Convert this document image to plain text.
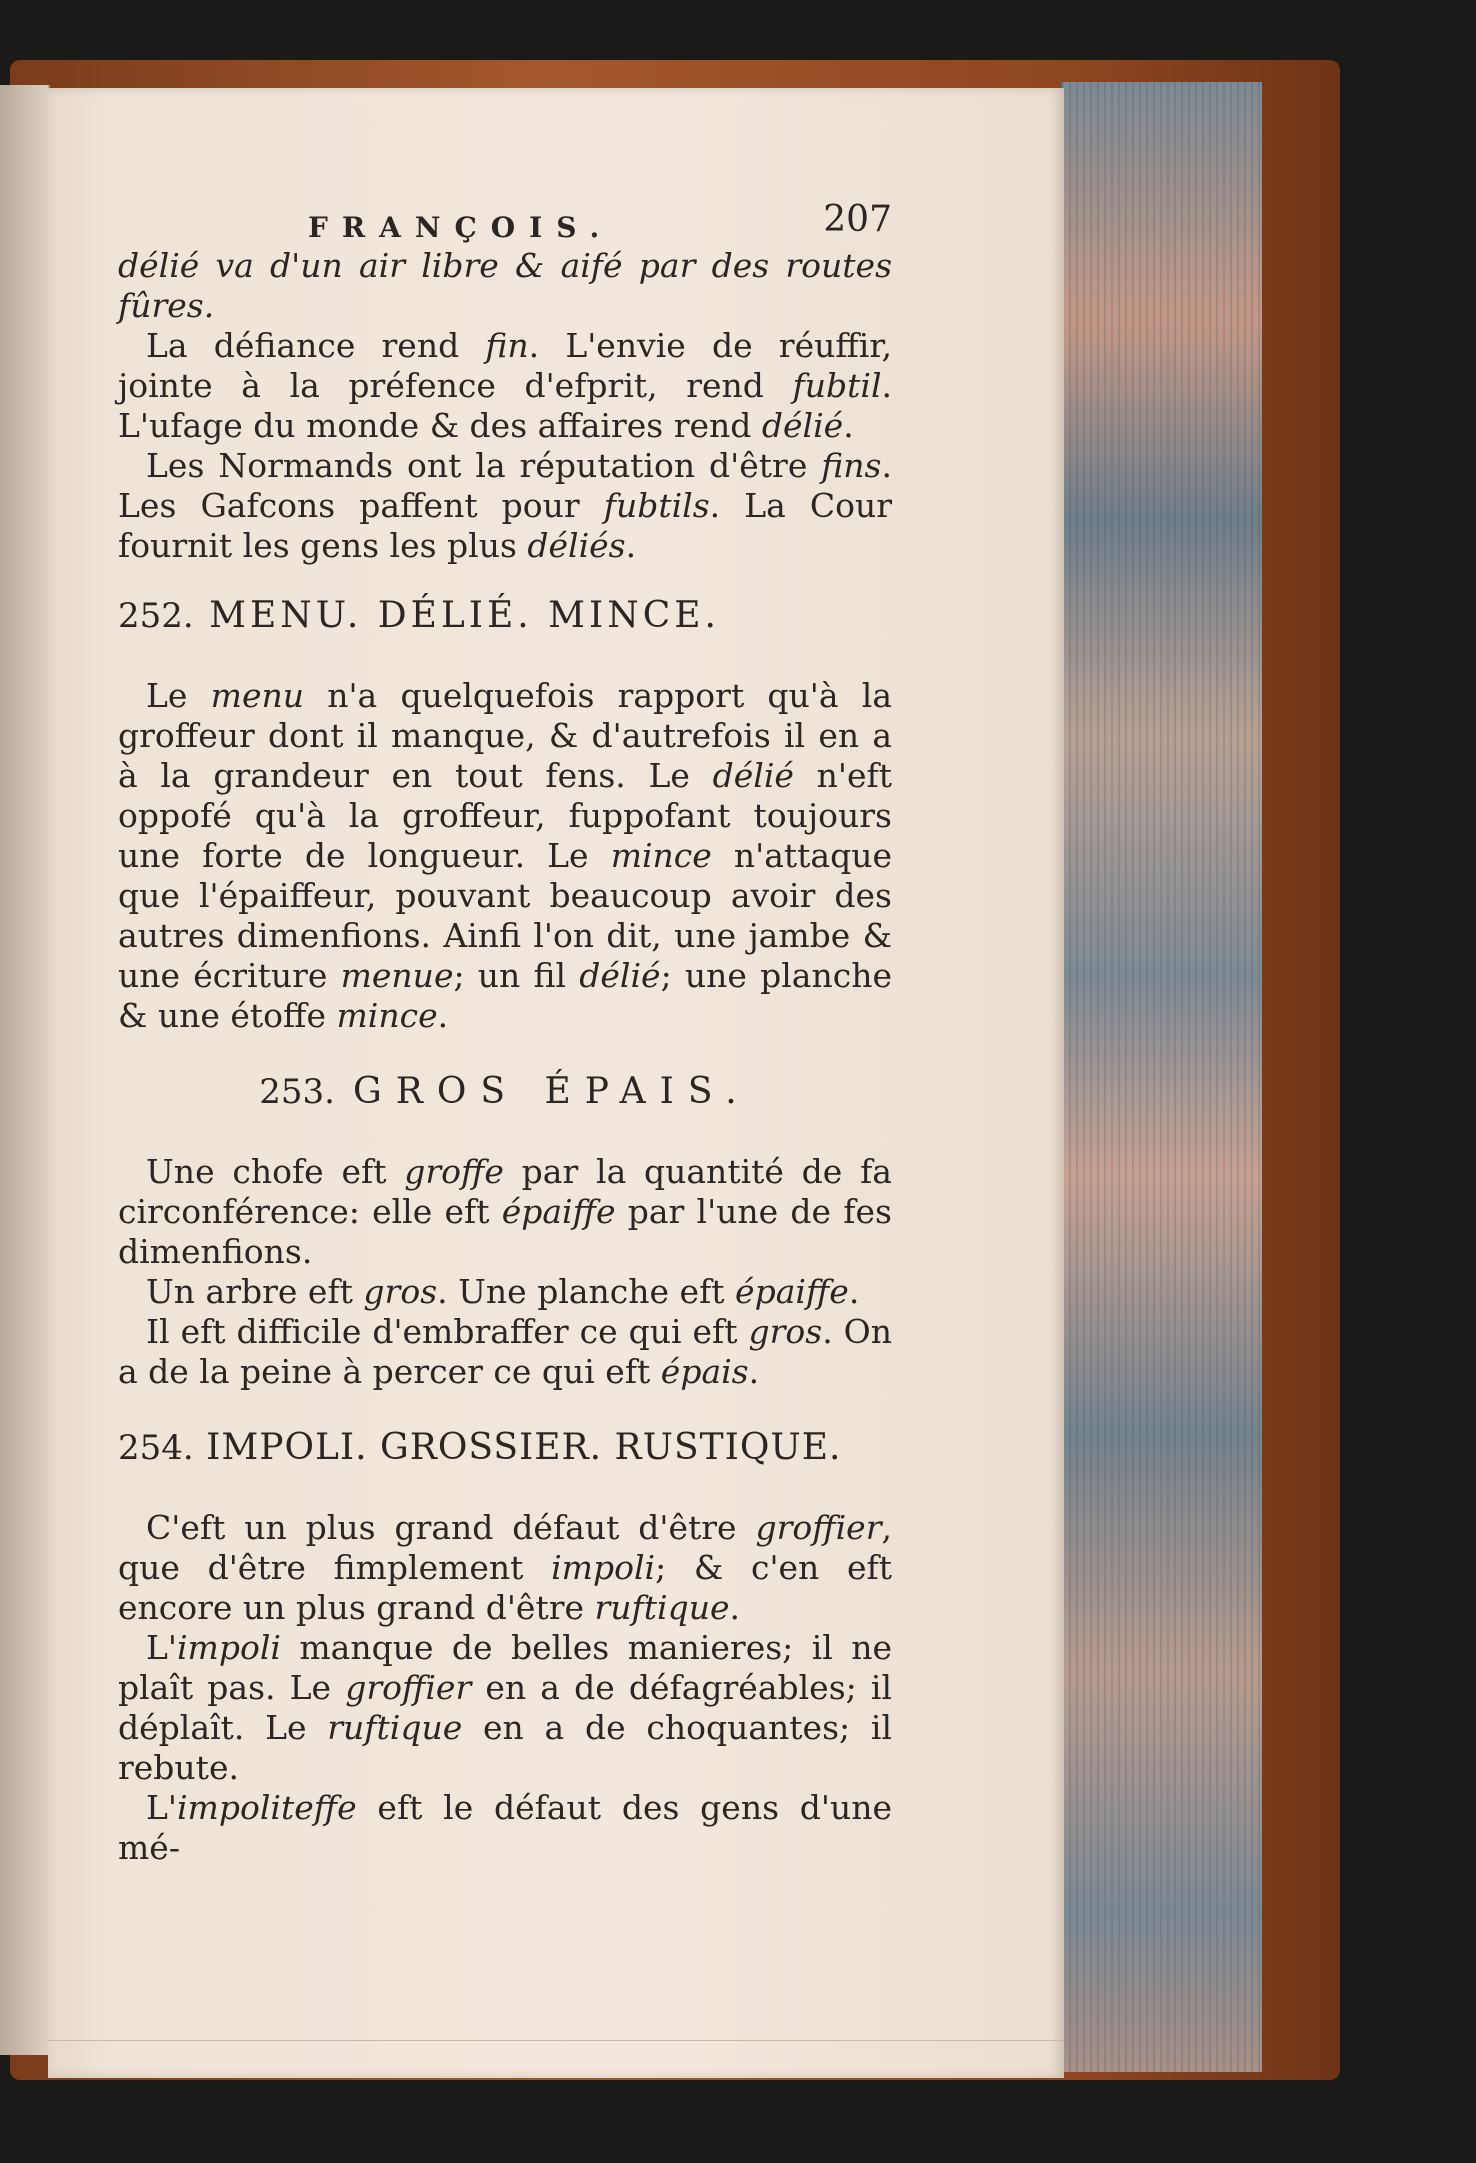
FRANÇOIS.	207

délié va d'un air libre & aifé par des routes fûres.

La défiance rend fin. L'envie de réuffir, jointe à la préfence d'efprit, rend fubtil. L'ufage du monde & des affaires rend délié.

Les Normands ont la réputation d'être fins. Les Gafcons paffent pour fubtils. La Cour fournit les gens les plus déliés.

252. MENU. DÉLIÉ. MINCE.

Le menu n'a quelquefois rapport qu'à la groffeur dont il manque, & d'autrefois il en a à la grandeur en tout fens. Le délié n'eft oppofé qu'à la groffeur, fuppofant toujours une forte de longueur. Le mince n'attaque que l'épaiffeur, pouvant beaucoup avoir des autres dimenfions. Ainfi l'on dit, une jambe & une écriture menue; un fil délié; une planche & une étoffe mince.

253. GROS ÉPAIS.

Une chofe eft groffe par la quantité de fa circonférence: elle eft épaiffe par l'une de fes dimenfions.

Un arbre eft gros. Une planche eft épaiffe.

Il eft difficile d'embraffer ce qui eft gros. On a de la peine à percer ce qui eft épais.

254. IMPOLI. GROSSIER. RUSTIQUE.

C'eft un plus grand défaut d'être groffier, que d'être fimplement impoli; & c'en eft encore un plus grand d'être ruftique.

L'impoli manque de belles manieres; il ne plaît pas. Le groffier en a de défagréables; il déplaît. Le ruftique en a de choquantes; il rebute.

L'impoliteffe eft le défaut des gens d'une mé-
